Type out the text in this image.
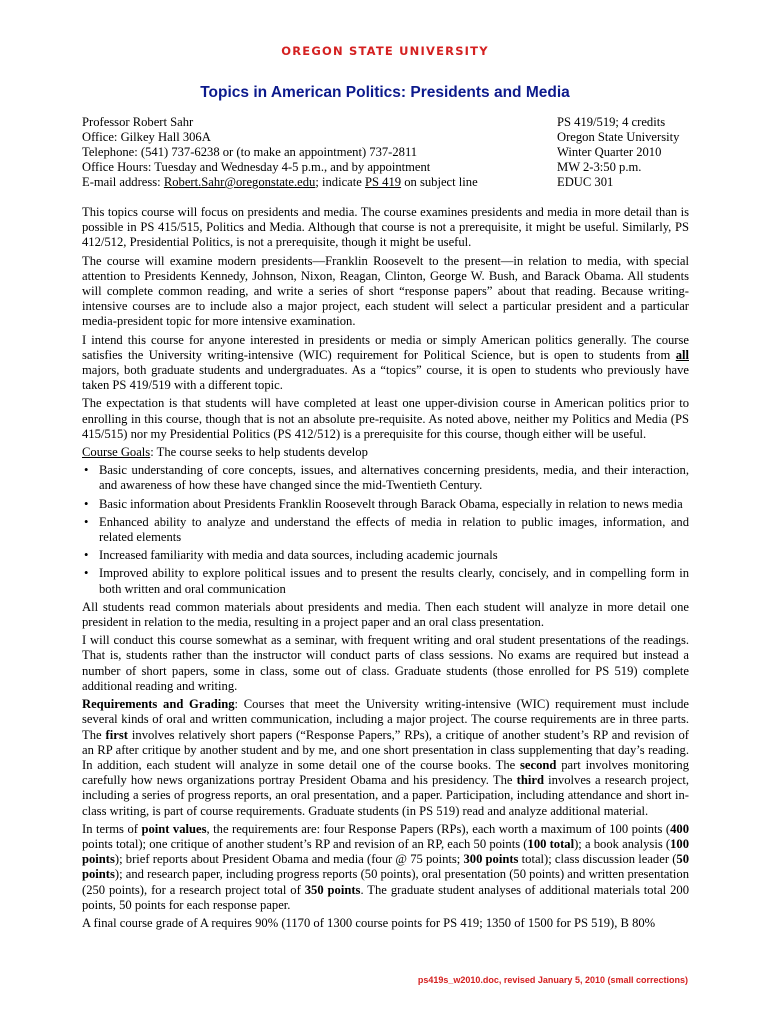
OREGON STATE UNIVERSITY
Topics in American Politics: Presidents and Media
Professor Robert Sahr
Office: Gilkey Hall 306A
Telephone: (541) 737-6238 or (to make an appointment) 737-2811
Office Hours: Tuesday and Wednesday 4-5 p.m., and by appointment
E-mail address: Robert.Sahr@oregonstate.edu; indicate PS 419 on subject line
PS 419/519; 4 credits
Oregon State University
Winter Quarter 2010
MW 2-3:50 p.m.
EDUC 301

This topics course will focus on presidents and media. The course examines presidents and media in more detail than is possible in PS 415/515, Politics and Media. Although that course is not a prerequisite, it might be useful. Similarly, PS 412/512, Presidential Politics, is not a prerequisite, though it might be useful.

The course will examine modern presidents—Franklin Roosevelt to the present—in relation to media, with special attention to Presidents Kennedy, Johnson, Nixon, Reagan, Clinton, George W. Bush, and Barack Obama. All students will complete common reading, and write a series of short “response papers” about that reading. Because writing-intensive courses are to include also a major project, each student will select a particular president and a particular media-president topic for more intensive examination.

I intend this course for anyone interested in presidents or media or simply American politics generally. The course satisfies the University writing-intensive (WIC) requirement for Political Science, but is open to students from all majors, both graduate students and undergraduates. As a “topics” course, it is open to students who previously have taken PS 419/519 with a different topic.

The expectation is that students will have completed at least one upper-division course in American politics prior to enrolling in this course, though that is not an absolute pre-requisite. As noted above, neither my Politics and Media (PS 415/515) nor my Presidential Politics (PS 412/512) is a prerequisite for this course, though either will be useful.

Course Goals: The course seeks to help students develop

• Basic understanding of core concepts, issues, and alternatives concerning presidents, media, and their interaction, and awareness of how these have changed since the mid-Twentieth Century.
• Basic information about Presidents Franklin Roosevelt through Barack Obama, especially in relation to news media
• Enhanced ability to analyze and understand the effects of media in relation to public images, information, and related elements
• Increased familiarity with media and data sources, including academic journals
• Improved ability to explore political issues and to present the results clearly, concisely, and in compelling form in both written and oral communication

All students read common materials about presidents and media. Then each student will analyze in more detail one president in relation to the media, resulting in a project paper and an oral class presentation.

I will conduct this course somewhat as a seminar, with frequent writing and oral student presentations of the readings. That is, students rather than the instructor will conduct parts of class sessions. No exams are required but instead a number of short papers, some in class, some out of class. Graduate students (those enrolled for PS 519) complete additional reading and writing.

Requirements and Grading: Courses that meet the University writing-intensive (WIC) requirement must include several kinds of oral and written communication, including a major project. The course requirements are in three parts. The first involves relatively short papers (“Response Papers,” RPs), a critique of another student’s RP and revision of an RP after critique by another student and by me, and one short presentation in class supplementing that day’s reading. In addition, each student will analyze in some detail one of the course books. The second part involves monitoring carefully how news organizations portray President Obama and his presidency. The third involves a research project, including a series of progress reports, an oral presentation, and a paper. Participation, including attendance and short in-class writing, is part of course requirements. Graduate students (in PS 519) read and analyze additional material.

In terms of point values, the requirements are: four Response Papers (RPs), each worth a maximum of 100 points (400 points total); one critique of another student’s RP and revision of an RP, each 50 points (100 total); a book analysis (100 points); brief reports about President Obama and media (four @ 75 points; 300 points total); class discussion leader (50 points); and research paper, including progress reports (50 points), oral presentation (50 points) and written presentation (250 points), for a research project total of 350 points. The graduate student analyses of additional materials total 200 points, 50 points for each response paper.

A final course grade of A requires 90% (1170 of 1300 course points for PS 419; 1350 of 1500 for PS 519), B 80%

ps419s_w2010.doc, revised January 5, 2010 (small corrections)
